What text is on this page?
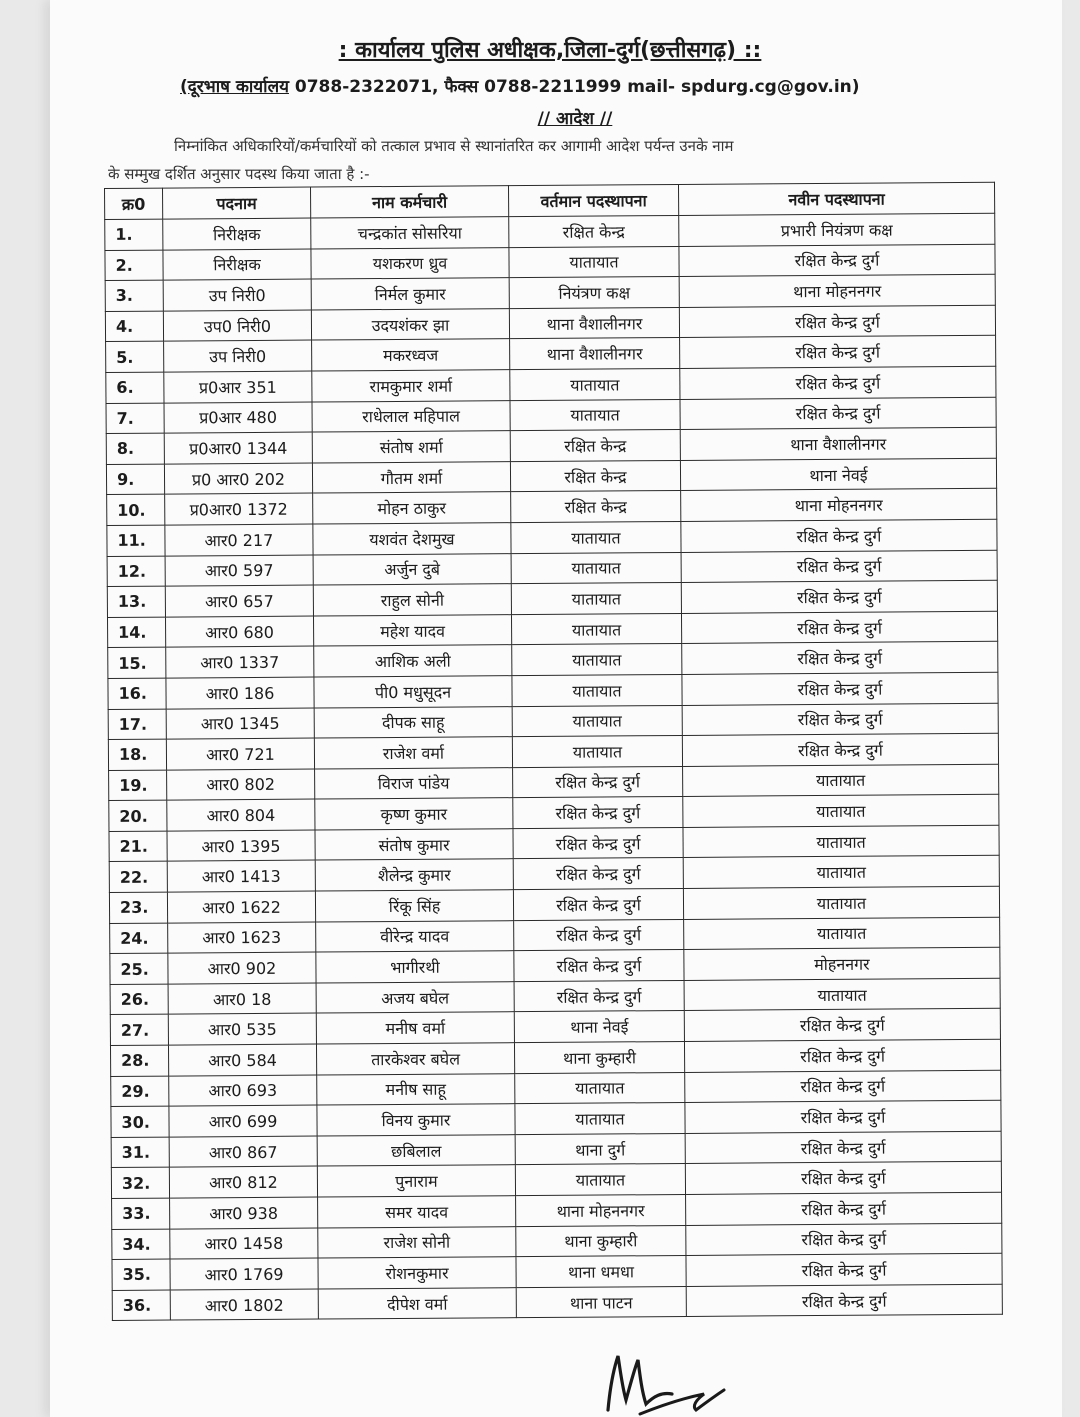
: कार्यालय पुलिस अधीक्षक,जिला-दुर्ग(छत्तीसगढ़) ::
(दूरभाष कार्यालय 0788-2322071, फैक्स 0788-2211999 mail- spdurg.cg@gov.in)
// आदेश //
निम्नांकित अधिकारियों/कर्मचारियों को तत्काल प्रभाव से स्थानांतरित कर आगामी आदेश पर्यन्त उनके नाम
के सम्मुख दर्शित अनुसार पदस्थ किया जाता है :-
क्र0	पदनाम	नाम कर्मचारी	वर्तमान पदस्थापना	नवीन पदस्थापना
1.	निरीक्षक	चन्द्रकांत सोसरिया	रक्षित केन्द्र	प्रभारी नियंत्रण कक्ष
2.	निरीक्षक	यशकरण ध्रुव	यातायात	रक्षित केन्द्र दुर्ग
3.	उप निरी0	निर्मल कुमार	नियंत्रण कक्ष	थाना मोहननगर
4.	उप0 निरी0	उदयशंकर झा	थाना वैशालीनगर	रक्षित केन्द्र दुर्ग
5.	उप निरी0	मकरध्वज	थाना वैशालीनगर	रक्षित केन्द्र दुर्ग
6.	प्र0आर 351	रामकुमार शर्मा	यातायात	रक्षित केन्द्र दुर्ग
7.	प्र0आर 480	राधेलाल महिपाल	यातायात	रक्षित केन्द्र दुर्ग
8.	प्र0आर0 1344	संतोष शर्मा	रक्षित केन्द्र	थाना वैशालीनगर
9.	प्र0 आर0 202	गौतम शर्मा	रक्षित केन्द्र	थाना नेवई
10.	प्र0आर0 1372	मोहन ठाकुर	रक्षित केन्द्र	थाना मोहननगर
11.	आर0 217	यशवंत देशमुख	यातायात	रक्षित केन्द्र दुर्ग
12.	आर0 597	अर्जुन दुबे	यातायात	रक्षित केन्द्र दुर्ग
13.	आर0 657	राहुल सोनी	यातायात	रक्षित केन्द्र दुर्ग
14.	आर0 680	महेश यादव	यातायात	रक्षित केन्द्र दुर्ग
15.	आर0 1337	आशिक अली	यातायात	रक्षित केन्द्र दुर्ग
16.	आर0 186	पी0 मधुसूदन	यातायात	रक्षित केन्द्र दुर्ग
17.	आर0 1345	दीपक साहू	यातायात	रक्षित केन्द्र दुर्ग
18.	आर0 721	राजेश वर्मा	यातायात	रक्षित केन्द्र दुर्ग
19.	आर0 802	विराज पांडेय	रक्षित केन्द्र दुर्ग	यातायात
20.	आर0 804	कृष्ण कुमार	रक्षित केन्द्र दुर्ग	यातायात
21.	आर0 1395	संतोष कुमार	रक्षित केन्द्र दुर्ग	यातायात
22.	आर0 1413	शैलेन्द्र कुमार	रक्षित केन्द्र दुर्ग	यातायात
23.	आर0 1622	रिंकू सिंह	रक्षित केन्द्र दुर्ग	यातायात
24.	आर0 1623	वीरेन्द्र यादव	रक्षित केन्द्र दुर्ग	यातायात
25.	आर0 902	भागीरथी	रक्षित केन्द्र दुर्ग	मोहननगर
26.	आर0 18	अजय बघेल	रक्षित केन्द्र दुर्ग	यातायात
27.	आर0 535	मनीष वर्मा	थाना नेवई	रक्षित केन्द्र दुर्ग
28.	आर0 584	तारकेश्वर बघेल	थाना कुम्हारी	रक्षित केन्द्र दुर्ग
29.	आर0 693	मनीष साहू	यातायात	रक्षित केन्द्र दुर्ग
30.	आर0 699	विनय कुमार	यातायात	रक्षित केन्द्र दुर्ग
31.	आर0 867	छबिलाल	थाना दुर्ग	रक्षित केन्द्र दुर्ग
32.	आर0 812	पुनाराम	यातायात	रक्षित केन्द्र दुर्ग
33.	आर0 938	समर यादव	थाना मोहननगर	रक्षित केन्द्र दुर्ग
34.	आर0 1458	राजेश सोनी	थाना कुम्हारी	रक्षित केन्द्र दुर्ग
35.	आर0 1769	रोशनकुमार	थाना धमधा	रक्षित केन्द्र दुर्ग
36.	आर0 1802	दीपेश वर्मा	थाना पाटन	रक्षित केन्द्र दुर्ग
